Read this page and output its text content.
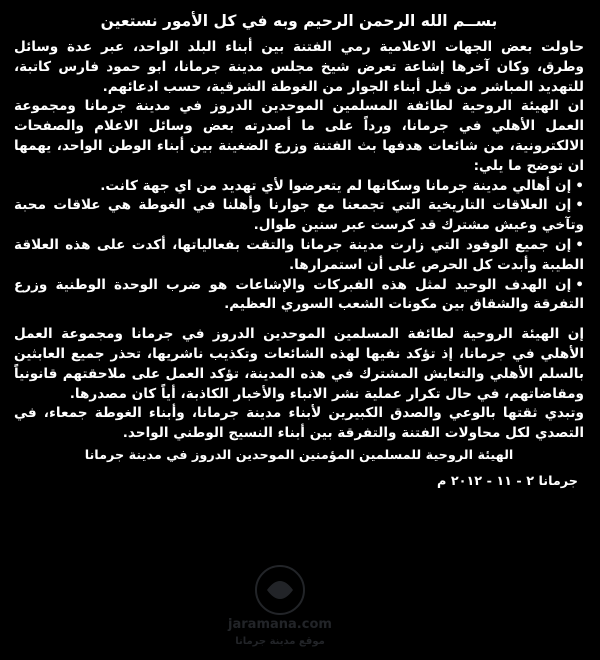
بســم الله الرحمن الرحيم وبه في كل الأمور نستعين

حاولت بعض الجهات الاعلامية رمي الفتنة بين أبناء البلد الواحد، عبر عدة وسائل وطرق، وكان آخرها إشاعة تعرض شيخ مجلس مدينة جرمانا، ابو حمود فارس كاتبة، للتهديد المباشر من قبل أبناء الجوار من الغوطة الشرقية، حسب ادعائهم.

ان الهيئة الروحية لطائفة المسلمين الموحدين الدروز في مدينة جرمانا ومجموعة العمل الأهلي في جرمانا، ورداً على ما أصدرته بعض وسائل الاعلام والصفحات الالكترونية، من شائعات هدفها بث الفتنة وزرع الضغينة بين أبناء الوطن الواحد، يهمها ان توضح ما يلي:

•إن أهالي مدينة جرمانا وسكانها لم يتعرضوا لأي تهديد من اي جهة كانت.
•إن العلاقات التاريخية التي تجمعنا مع جوارنا وأهلنا في الغوطة هي علاقات محبة وتآخي وعيش مشترك قد كرست عبر سنين طوال.
•إن جميع الوفود التي زارت مدينة جرمانا والتقت بفعالياتها، أكدت على هذه العلاقة الطيبة وأبدت كل الحرص على أن استمرارها.
•إن الهدف الوحيد لمثل هذه الفبركات والإشاعات هو ضرب الوحدة الوطنية وزرع التفرقة والشقاق بين مكونات الشعب السوري العظيم.

إن الهيئة الروحية لطائفة المسلمين الموحدين الدروز في جرمانا ومجموعة العمل الأهلي في جرمانا، إذ تؤكد نفيها لهذه الشائعات وتكذيب ناشريها، تحذر جميع العابثين بالسلم الأهلي والتعايش المشترك في هذه المدينة، تؤكد العمل على ملاحقتهم قانونياً ومقاضاتهم، في حال تكرار عملية نشر الانباء والأخبار الكاذبة، أياً كان مصدرها.

وتبدي ثقتها بالوعي والصدق الكبيرين لأبناء مدينة جرمانا، وأبناء الغوطة جمعاء، في التصدي لكل محاولات الفتنة والتفرقة بين أبناء النسيج الوطني الواحد.

الهيئة الروحية للمسلمين المؤمنين الموحدين الدروز في مدينة جرمانا
جرمانا ٢ - ١١ - ٢٠١٢ م
jaramana.com
موقع مدينة جرمانا
